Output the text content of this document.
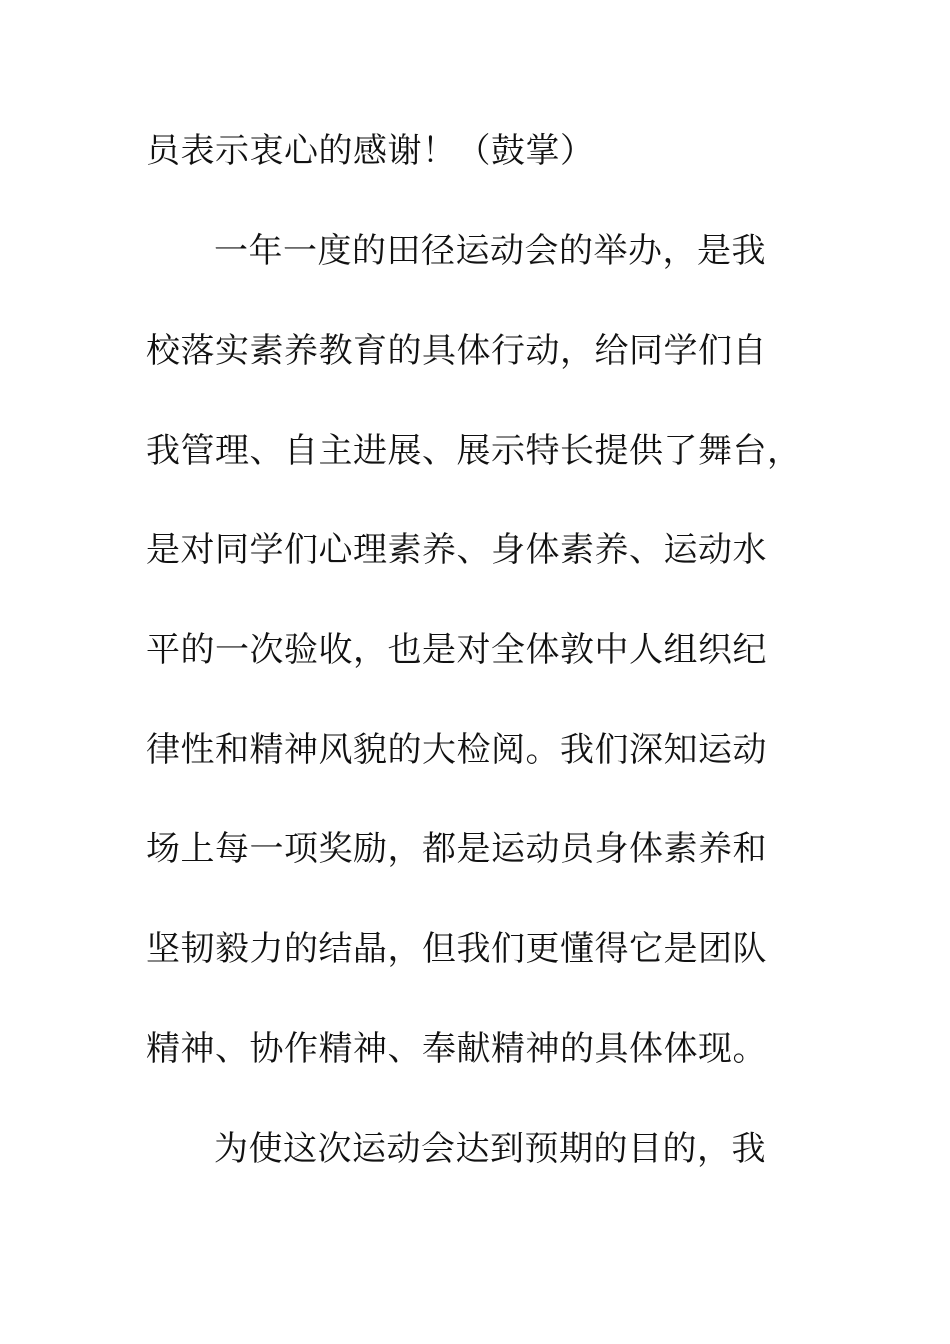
员表示衷心的感谢！（鼓掌）
一年一度的田径运动会的举办，是我
校落实素养教育的具体行动，给同学们自
我管理、自主进展、展示特长提供了舞台，
是对同学们心理素养、身体素养、运动水
平的一次验收，也是对全体敦中人组织纪
律性和精神风貌的大检阅。我们深知运动
场上每一项奖励，都是运动员身体素养和
坚韧毅力的结晶，但我们更懂得它是团队
精神、协作精神、奉献精神的具体体现。
为使这次运动会达到预期的目的，我
